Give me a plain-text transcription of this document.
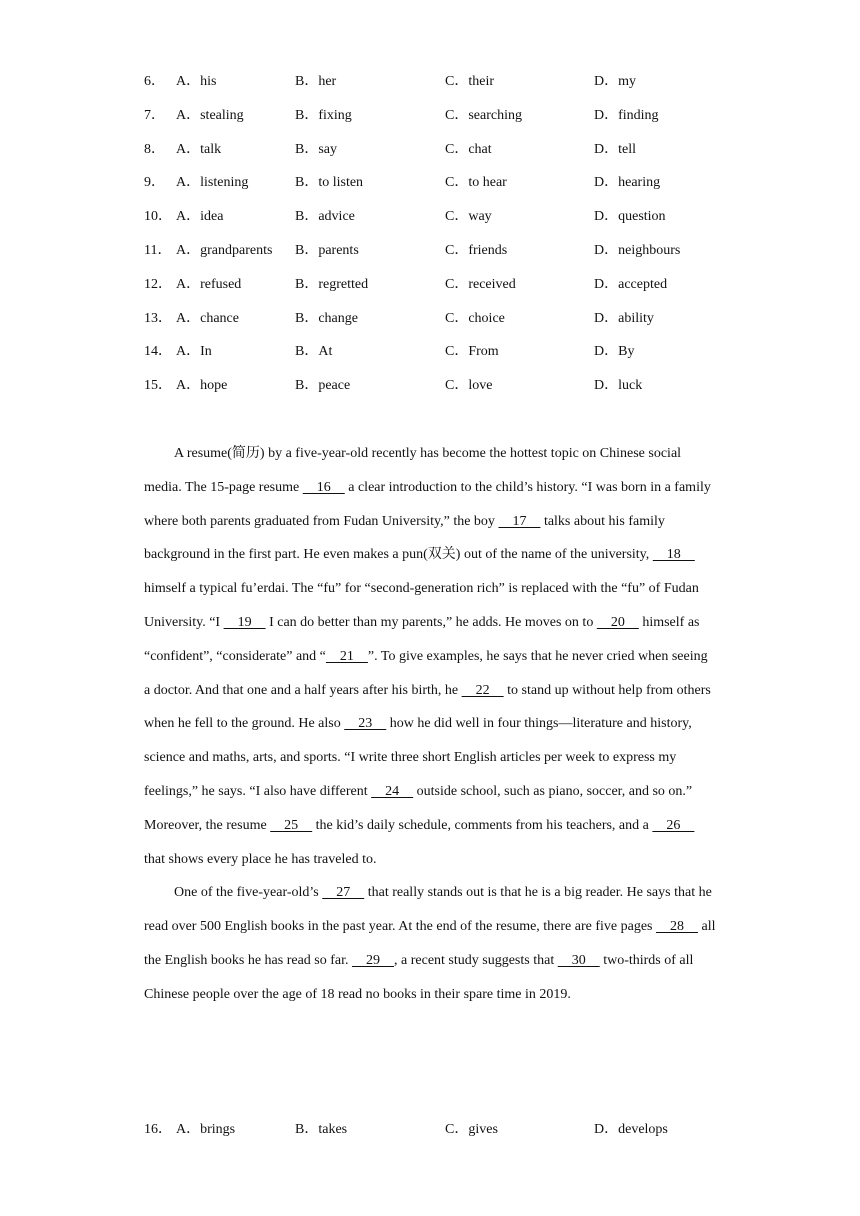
6． A．his	B．her	C．their	D．my
7． A．stealing	B．fixing	C．searching	D．finding
8． A．talk	B．say	C．chat	D．tell
9． A．listening	B．to listen	C．to hear	D．hearing
10． A．idea	B．advice	C．way	D．question
11． A．grandparents B．parents	C．friends	D．neighbours
12． A．refused	B．regretted	C．received	D．accepted
13． A．chance	B．change	C．choice	D．ability
14． A．In	B．At	C．From	D．By
15． A．hope	B．peace	C．love	D．luck

A resume(简历) by a five-year-old recently has become the hottest topic on Chinese social media. The 15-page resume     16     a clear introduction to the child’s history. “I was born in a family where both parents graduated from Fudan University,” the boy     17     talks about his family background in the first part. He even makes a pun(双关) out of the name of the university,     18     himself a typical fu’erdai. The “fu” for “second-generation rich” is replaced with the “fu” of Fudan University. “I     19     I can do better than my parents,” he adds. He moves on to     20     himself as “confident”, “considerate” and “    21    ”. To give examples, he says that he never cried when seeing a doctor. And that one and a half years after his birth, he     22     to stand up without help from others when he fell to the ground. He also     23     how he did well in four things—literature and history, science and maths, arts, and sports. “I write three short English articles per week to express my feelings,” he says. “I also have different     24     outside school, such as piano, soccer, and so on.” Moreover, the resume     25     the kid’s daily schedule, comments from his teachers, and a     26     that shows every place he has traveled to.

One of the five-year-old’s     27     that really stands out is that he is a big reader. He says that he read over 500 English books in the past year. At the end of the resume, there are five pages     28     all the English books he has read so far.     29    , a recent study suggests that     30     two-thirds of all Chinese people over the age of 18 read no books in their spare time in 2019.

16． A．brings	B．takes	C．gives	D．develops
